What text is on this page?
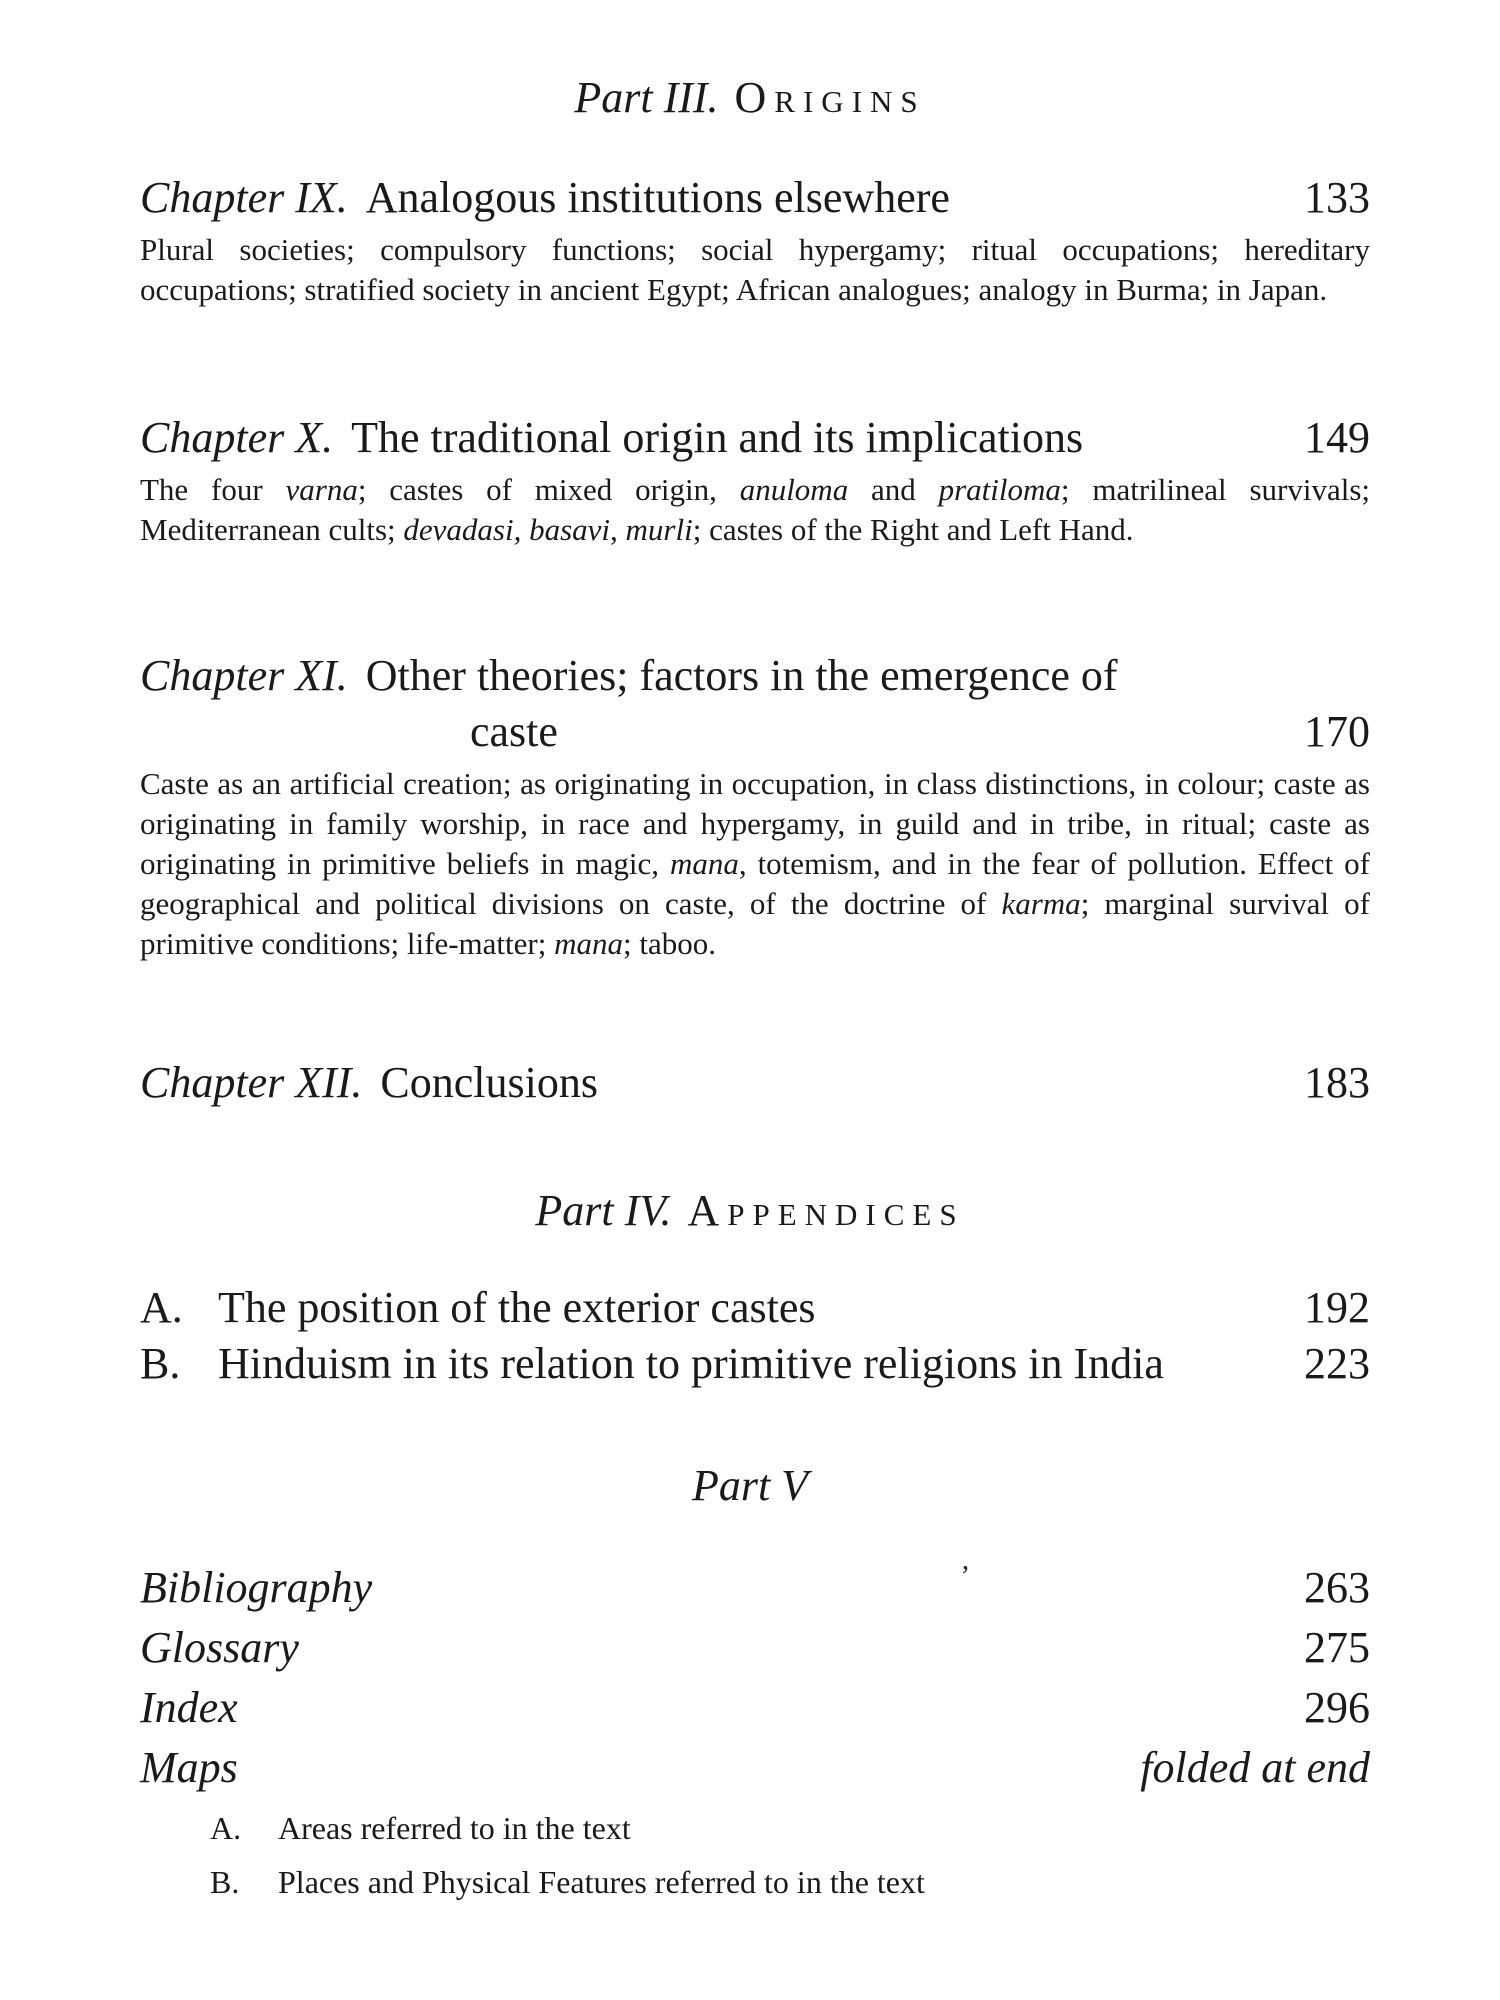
Part III. Origins
Chapter IX. Analogous institutions elsewhere	133
Plural societies; compulsory functions; social hypergamy; ritual occupations; hereditary occupations; stratified society in ancient Egypt; African analogues; analogy in Burma; in Japan.
Chapter X. The traditional origin and its implications	149
The four varna; castes of mixed origin, anuloma and pratiloma; matrilineal survivals; Mediterranean cults; devadasi, basavi, murli; castes of the Right and Left Hand.
Chapter XI. Other theories; factors in the emergence of
caste	170
Caste as an artificial creation; as originating in occupation, in class distinctions, in colour; caste as originating in family worship, in race and hypergamy, in guild and in tribe, in ritual; caste as originating in primitive beliefs in magic, mana, totemism, and in the fear of pollution. Effect of geographical and political divisions on caste, of the doctrine of karma; marginal survival of primitive conditions; life-matter; mana; taboo.
Chapter XII. Conclusions	183
Part IV. Appendices
A. The position of the exterior castes	192
B. Hinduism in its relation to primitive religions in India	223
Part V
,
Bibliography	263
Glossary	275
Index	296
Maps	folded at end
A. Areas referred to in the text
B. Places and Physical Features referred to in the text
